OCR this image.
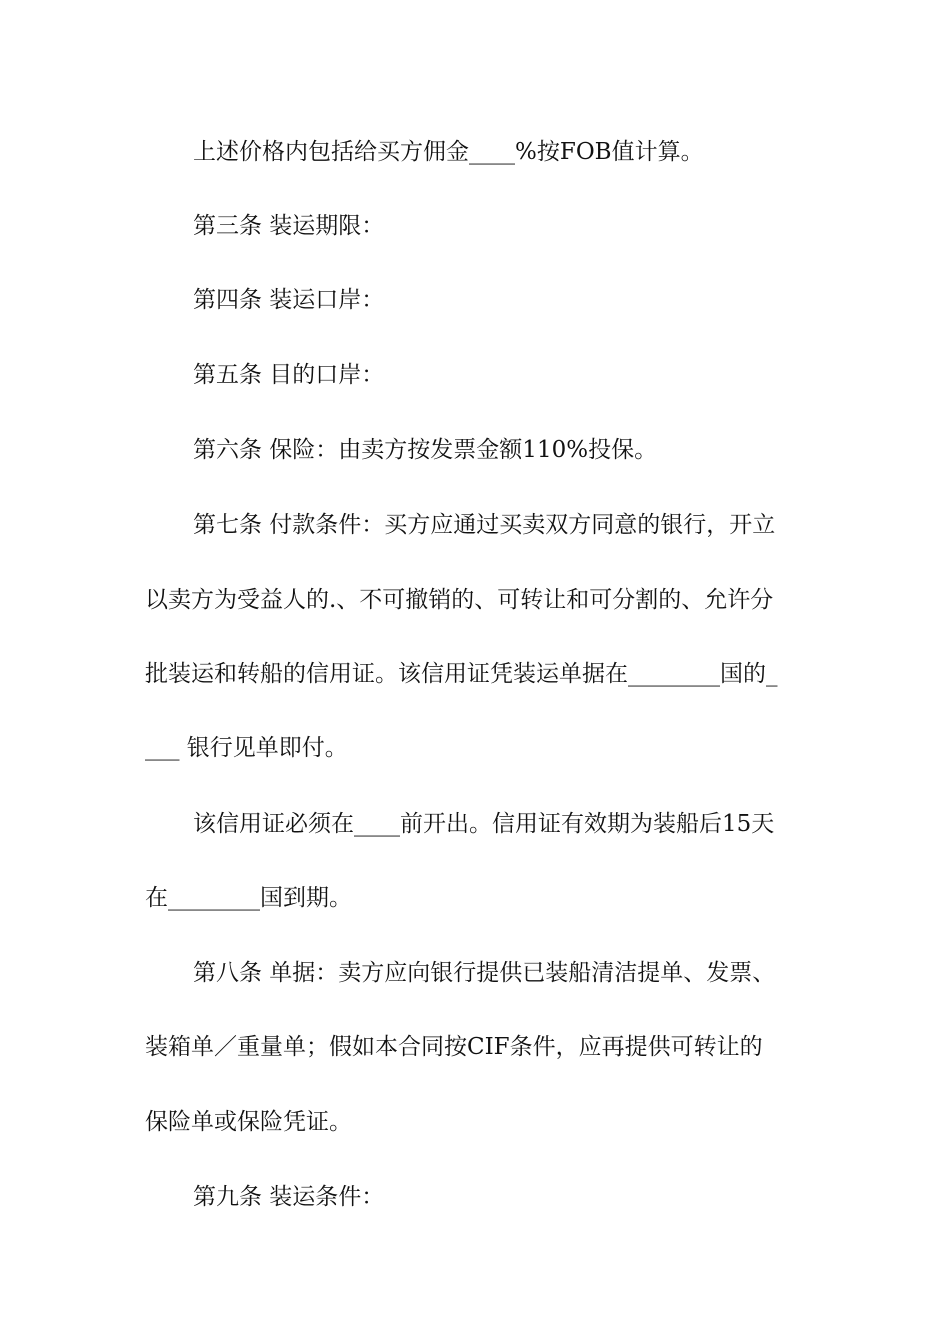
上述价格内包括给买方佣金____%按FOB值计算。
第三条 装运期限：
第四条 装运口岸：
第五条 目的口岸：
第六条 保险：由卖方按发票金额110%投保。
第七条 付款条件：买方应通过买卖双方同意的银行，开立
以卖方为受益人的.、不可撤销的、可转让和可分割的、允许分
批装运和转船的信用证。该信用证凭装运单据在________国的_
___ 银行见单即付。
该信用证必须在____前开出。信用证有效期为装船后15天
在________国到期。
第八条 单据：卖方应向银行提供已装船清洁提单、发票、
装箱单／重量单；假如本合同按CIF条件，应再提供可转让的
保险单或保险凭证。
第九条 装运条件：
